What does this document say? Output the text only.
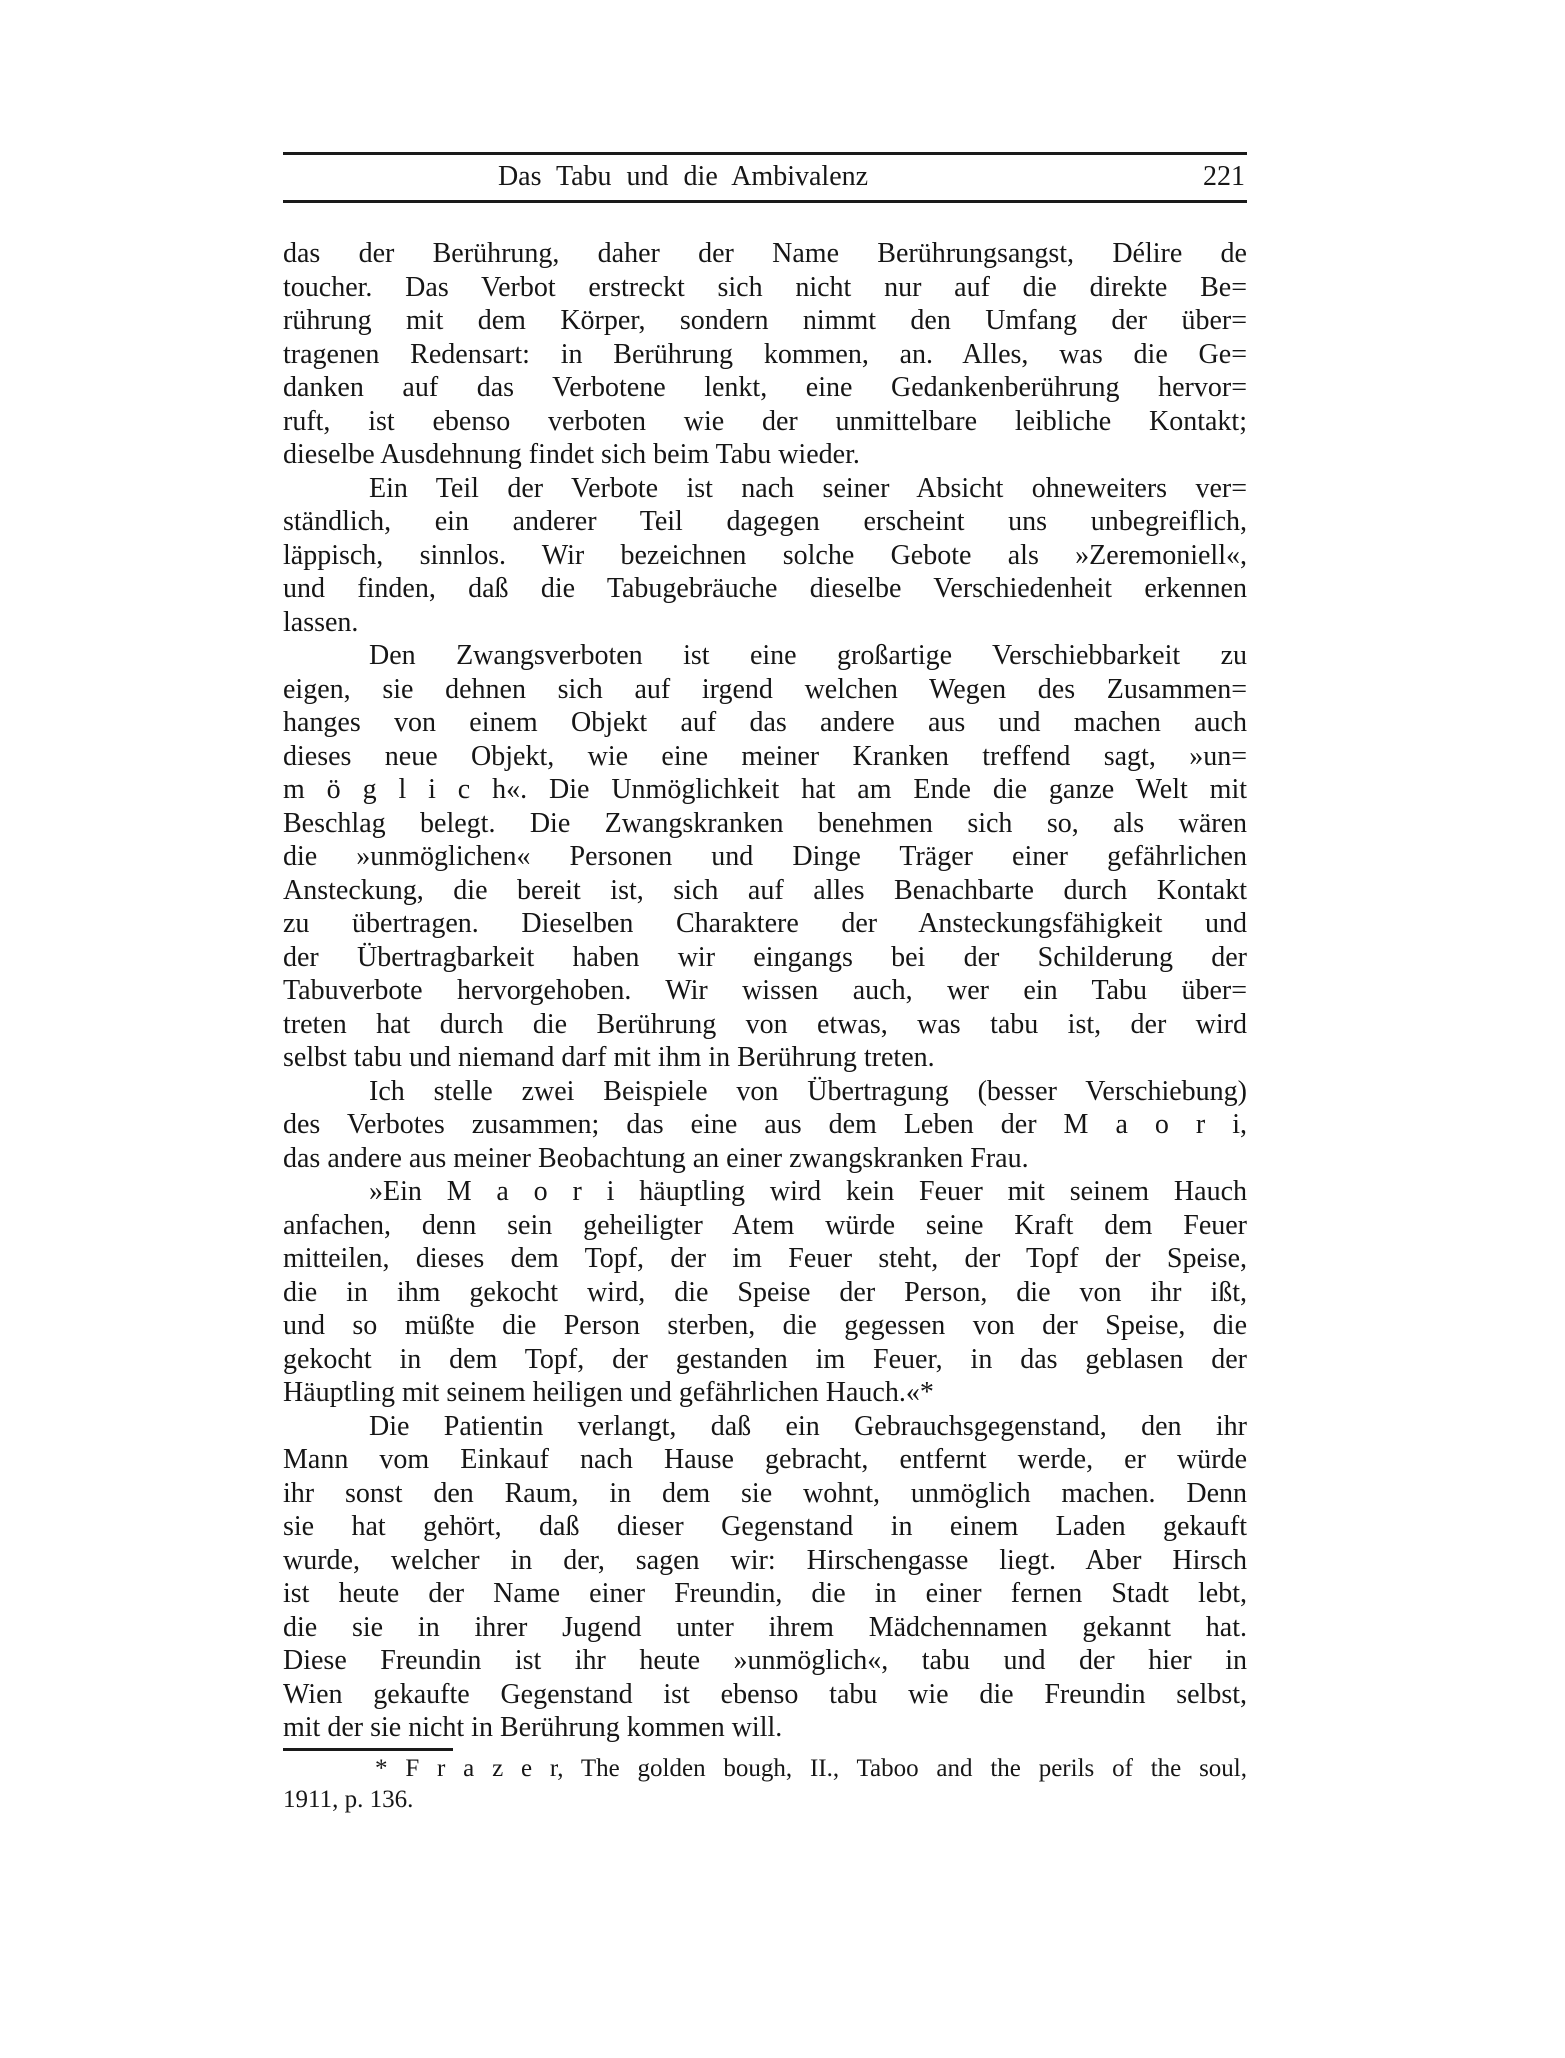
Das Tabu und die Ambivalenz	221
das der Berührung, daher der Name Berührungsangst, Délire de
toucher. Das Verbot erstreckt sich nicht nur auf die direkte Be=
rührung mit dem Körper, sondern nimmt den Umfang der über=
tragenen Redensart: in Berührung kommen, an. Alles, was die Ge=
danken auf das Verbotene lenkt, eine Gedankenberührung hervor=
ruft, ist ebenso verboten wie der unmittelbare leibliche Kontakt;
dieselbe Ausdehnung findet sich beim Tabu wieder.
Ein Teil der Verbote ist nach seiner Absicht ohneweiters ver=
ständlich, ein anderer Teil dagegen erscheint uns unbegreiflich,
läppisch, sinnlos. Wir bezeichnen solche Gebote als »Zeremoniell«,
und finden, daß die Tabugebräuche dieselbe Verschiedenheit erkennen
lassen.
Den Zwangsverboten ist eine großartige Verschiebbarkeit zu
eigen, sie dehnen sich auf irgend welchen Wegen des Zusammen=
hanges von einem Objekt auf das andere aus und machen auch
dieses neue Objekt, wie eine meiner Kranken treffend sagt, »un=
m ö g l i c h«. Die Unmöglichkeit hat am Ende die ganze Welt mit
Beschlag belegt. Die Zwangskranken benehmen sich so, als wären
die »unmöglichen« Personen und Dinge Träger einer gefährlichen
Ansteckung, die bereit ist, sich auf alles Benachbarte durch Kontakt
zu übertragen. Dieselben Charaktere der Ansteckungsfähigkeit und
der Übertragbarkeit haben wir eingangs bei der Schilderung der
Tabuverbote hervorgehoben. Wir wissen auch, wer ein Tabu über=
treten hat durch die Berührung von etwas, was tabu ist, der wird
selbst tabu und niemand darf mit ihm in Berührung treten.
Ich stelle zwei Beispiele von Übertragung (besser Verschiebung)
des Verbotes zusammen; das eine aus dem Leben der M a o r i,
das andere aus meiner Beobachtung an einer zwangskranken Frau.
»Ein M a o r i häuptling wird kein Feuer mit seinem Hauch
anfachen, denn sein geheiligter Atem würde seine Kraft dem Feuer
mitteilen, dieses dem Topf, der im Feuer steht, der Topf der Speise,
die in ihm gekocht wird, die Speise der Person, die von ihr ißt,
und so müßte die Person sterben, die gegessen von der Speise, die
gekocht in dem Topf, der gestanden im Feuer, in das geblasen der
Häuptling mit seinem heiligen und gefährlichen Hauch.«*
Die Patientin verlangt, daß ein Gebrauchsgegenstand, den ihr
Mann vom Einkauf nach Hause gebracht, entfernt werde, er würde
ihr sonst den Raum, in dem sie wohnt, unmöglich machen. Denn
sie hat gehört, daß dieser Gegenstand in einem Laden gekauft
wurde, welcher in der, sagen wir: Hirschengasse liegt. Aber Hirsch
ist heute der Name einer Freundin, die in einer fernen Stadt lebt,
die sie in ihrer Jugend unter ihrem Mädchennamen gekannt hat.
Diese Freundin ist ihr heute »unmöglich«, tabu und der hier in
Wien gekaufte Gegenstand ist ebenso tabu wie die Freundin selbst,
mit der sie nicht in Berührung kommen will.
* F r a z e r, The golden bough, II., Taboo and the perils of the soul,
1911, p. 136.
